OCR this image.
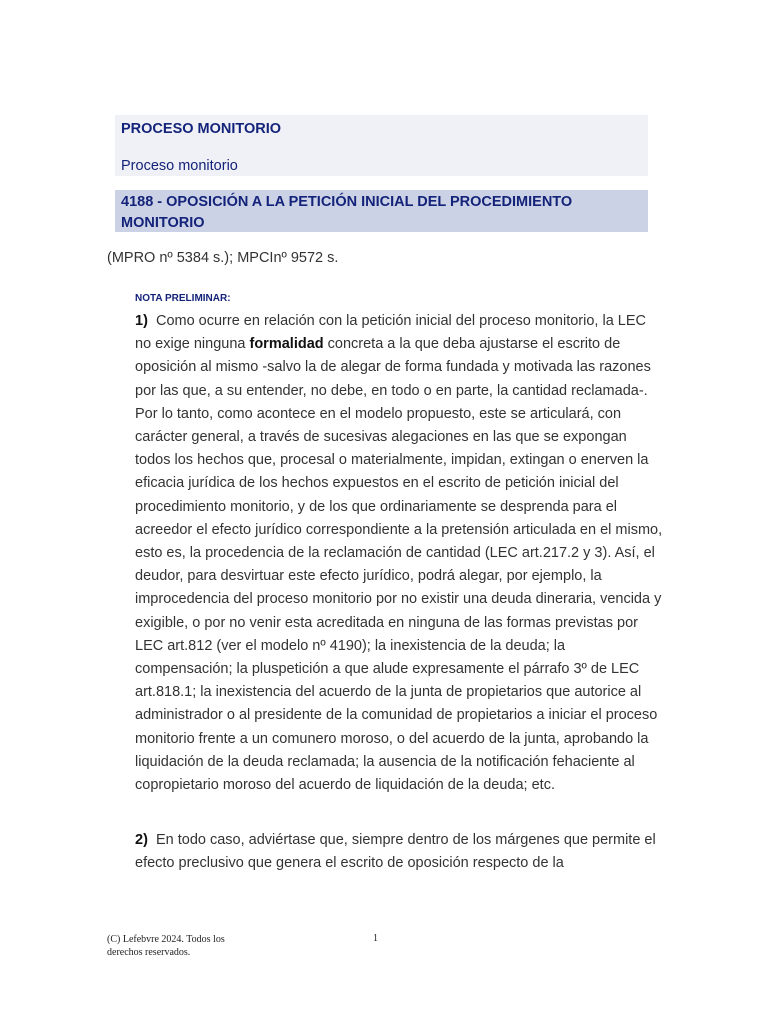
PROCESO MONITORIO
Proceso monitorio
4188 - OPOSICIÓN A LA PETICIÓN INICIAL DEL PROCEDIMIENTO MONITORIO
(MPRO nº 5384 s.); MPCInº 9572 s.
NOTA PRELIMINAR:
1) Como ocurre en relación con la petición inicial del proceso monitorio, la LEC no exige ninguna formalidad concreta a la que deba ajustarse el escrito de oposición al mismo -salvo la de alegar de forma fundada y motivada las razones por las que, a su entender, no debe, en todo o en parte, la cantidad reclamada-. Por lo tanto, como acontece en el modelo propuesto, este se articulará, con carácter general, a través de sucesivas alegaciones en las que se expongan todos los hechos que, procesal o materialmente, impidan, extingan o enerven la eficacia jurídica de los hechos expuestos en el escrito de petición inicial del procedimiento monitorio, y de los que ordinariamente se desprenda para el acreedor el efecto jurídico correspondiente a la pretensión articulada en el mismo, esto es, la procedencia de la reclamación de cantidad (LEC art.217.2 y 3). Así, el deudor, para desvirtuar este efecto jurídico, podrá alegar, por ejemplo, la improcedencia del proceso monitorio por no existir una deuda dineraria, vencida y exigible, o por no venir esta acreditada en ninguna de las formas previstas por LEC art.812 (ver el modelo nº 4190); la inexistencia de la deuda; la compensación; la pluspetición a que alude expresamente el párrafo 3º de LEC art.818.1; la inexistencia del acuerdo de la junta de propietarios que autorice al administrador o al presidente de la comunidad de propietarios a iniciar el proceso monitorio frente a un comunero moroso, o del acuerdo de la junta, aprobando la liquidación de la deuda reclamada; la ausencia de la notificación fehaciente al copropietario moroso del acuerdo de liquidación de la deuda; etc.
2) En todo caso, adviértase que, siempre dentro de los márgenes que permite el efecto preclusivo que genera el escrito de oposición respecto de la
(C) Lefebvre 2024. Todos los derechos reservados.
1
